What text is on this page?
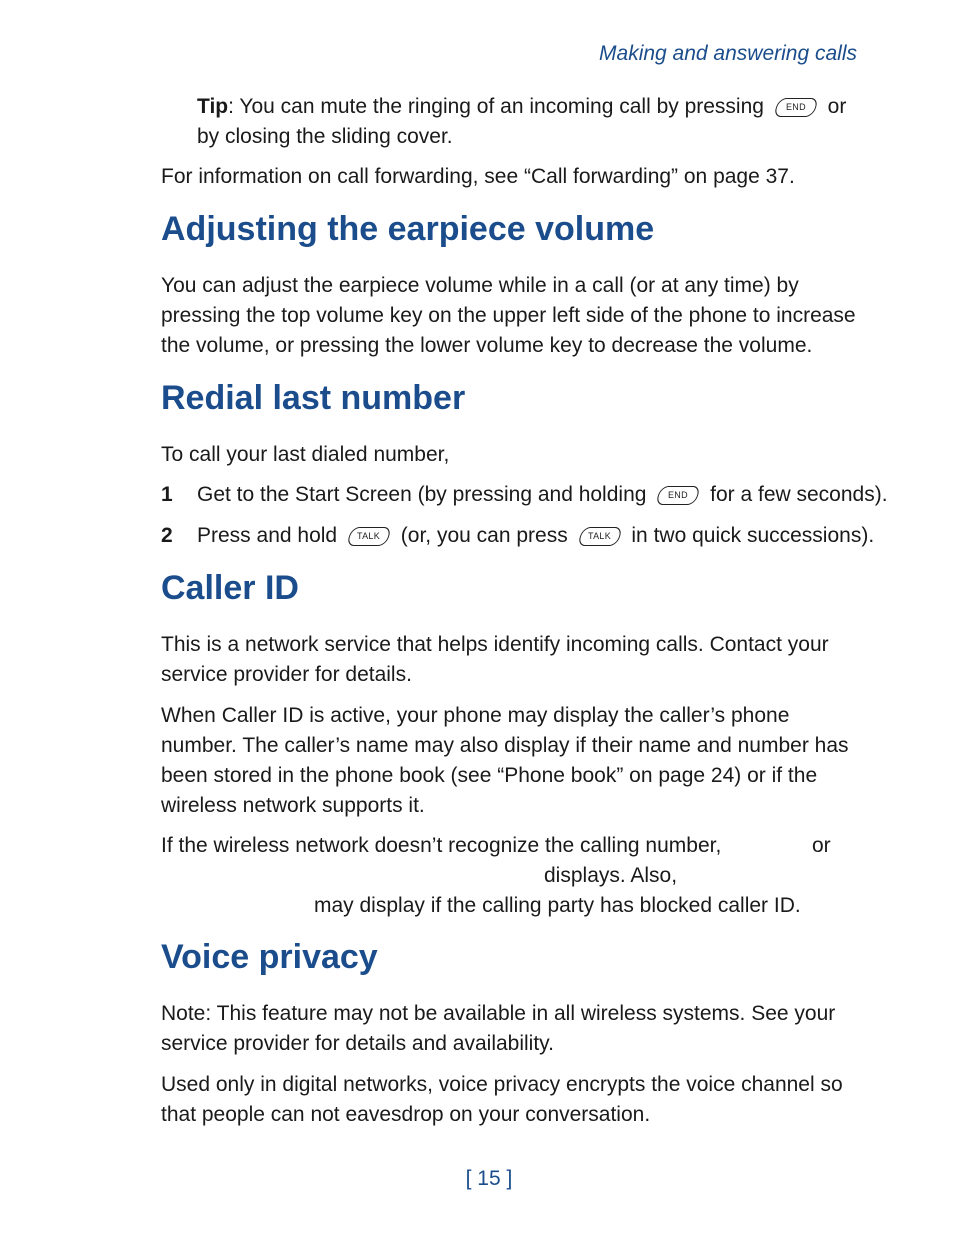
Making and answering calls
Tip: You can mute the ringing of an incoming call by pressing END or
by closing the sliding cover.
For information on call forwarding, see “Call forwarding” on page 37.
Adjusting the earpiece volume
You can adjust the earpiece volume while in a call (or at any time) by
pressing the top volume key on the upper left side of the phone to increase
the volume, or pressing the lower volume key to decrease the volume.
Redial last number
To call your last dialed number,
1 Get to the Start Screen (by pressing and holding END for a few seconds).
2 Press and hold TALK (or, you can press TALK in two quick successions).
Caller ID
This is a network service that helps identify incoming calls. Contact your
service provider for details.
When Caller ID is active, your phone may display the caller’s phone
number. The caller’s name may also display if their name and number has
been stored in the phone book (see “Phone book” on page 24) or if the
wireless network supports it.
If the wireless network doesn’t recognize the calling number,	or
displays. Also,
may display if the calling party has blocked caller ID.
Voice privacy
Note: This feature may not be available in all wireless systems. See your
service provider for details and availability.
Used only in digital networks, voice privacy encrypts the voice channel so
that people can not eavesdrop on your conversation.
[ 15 ]
